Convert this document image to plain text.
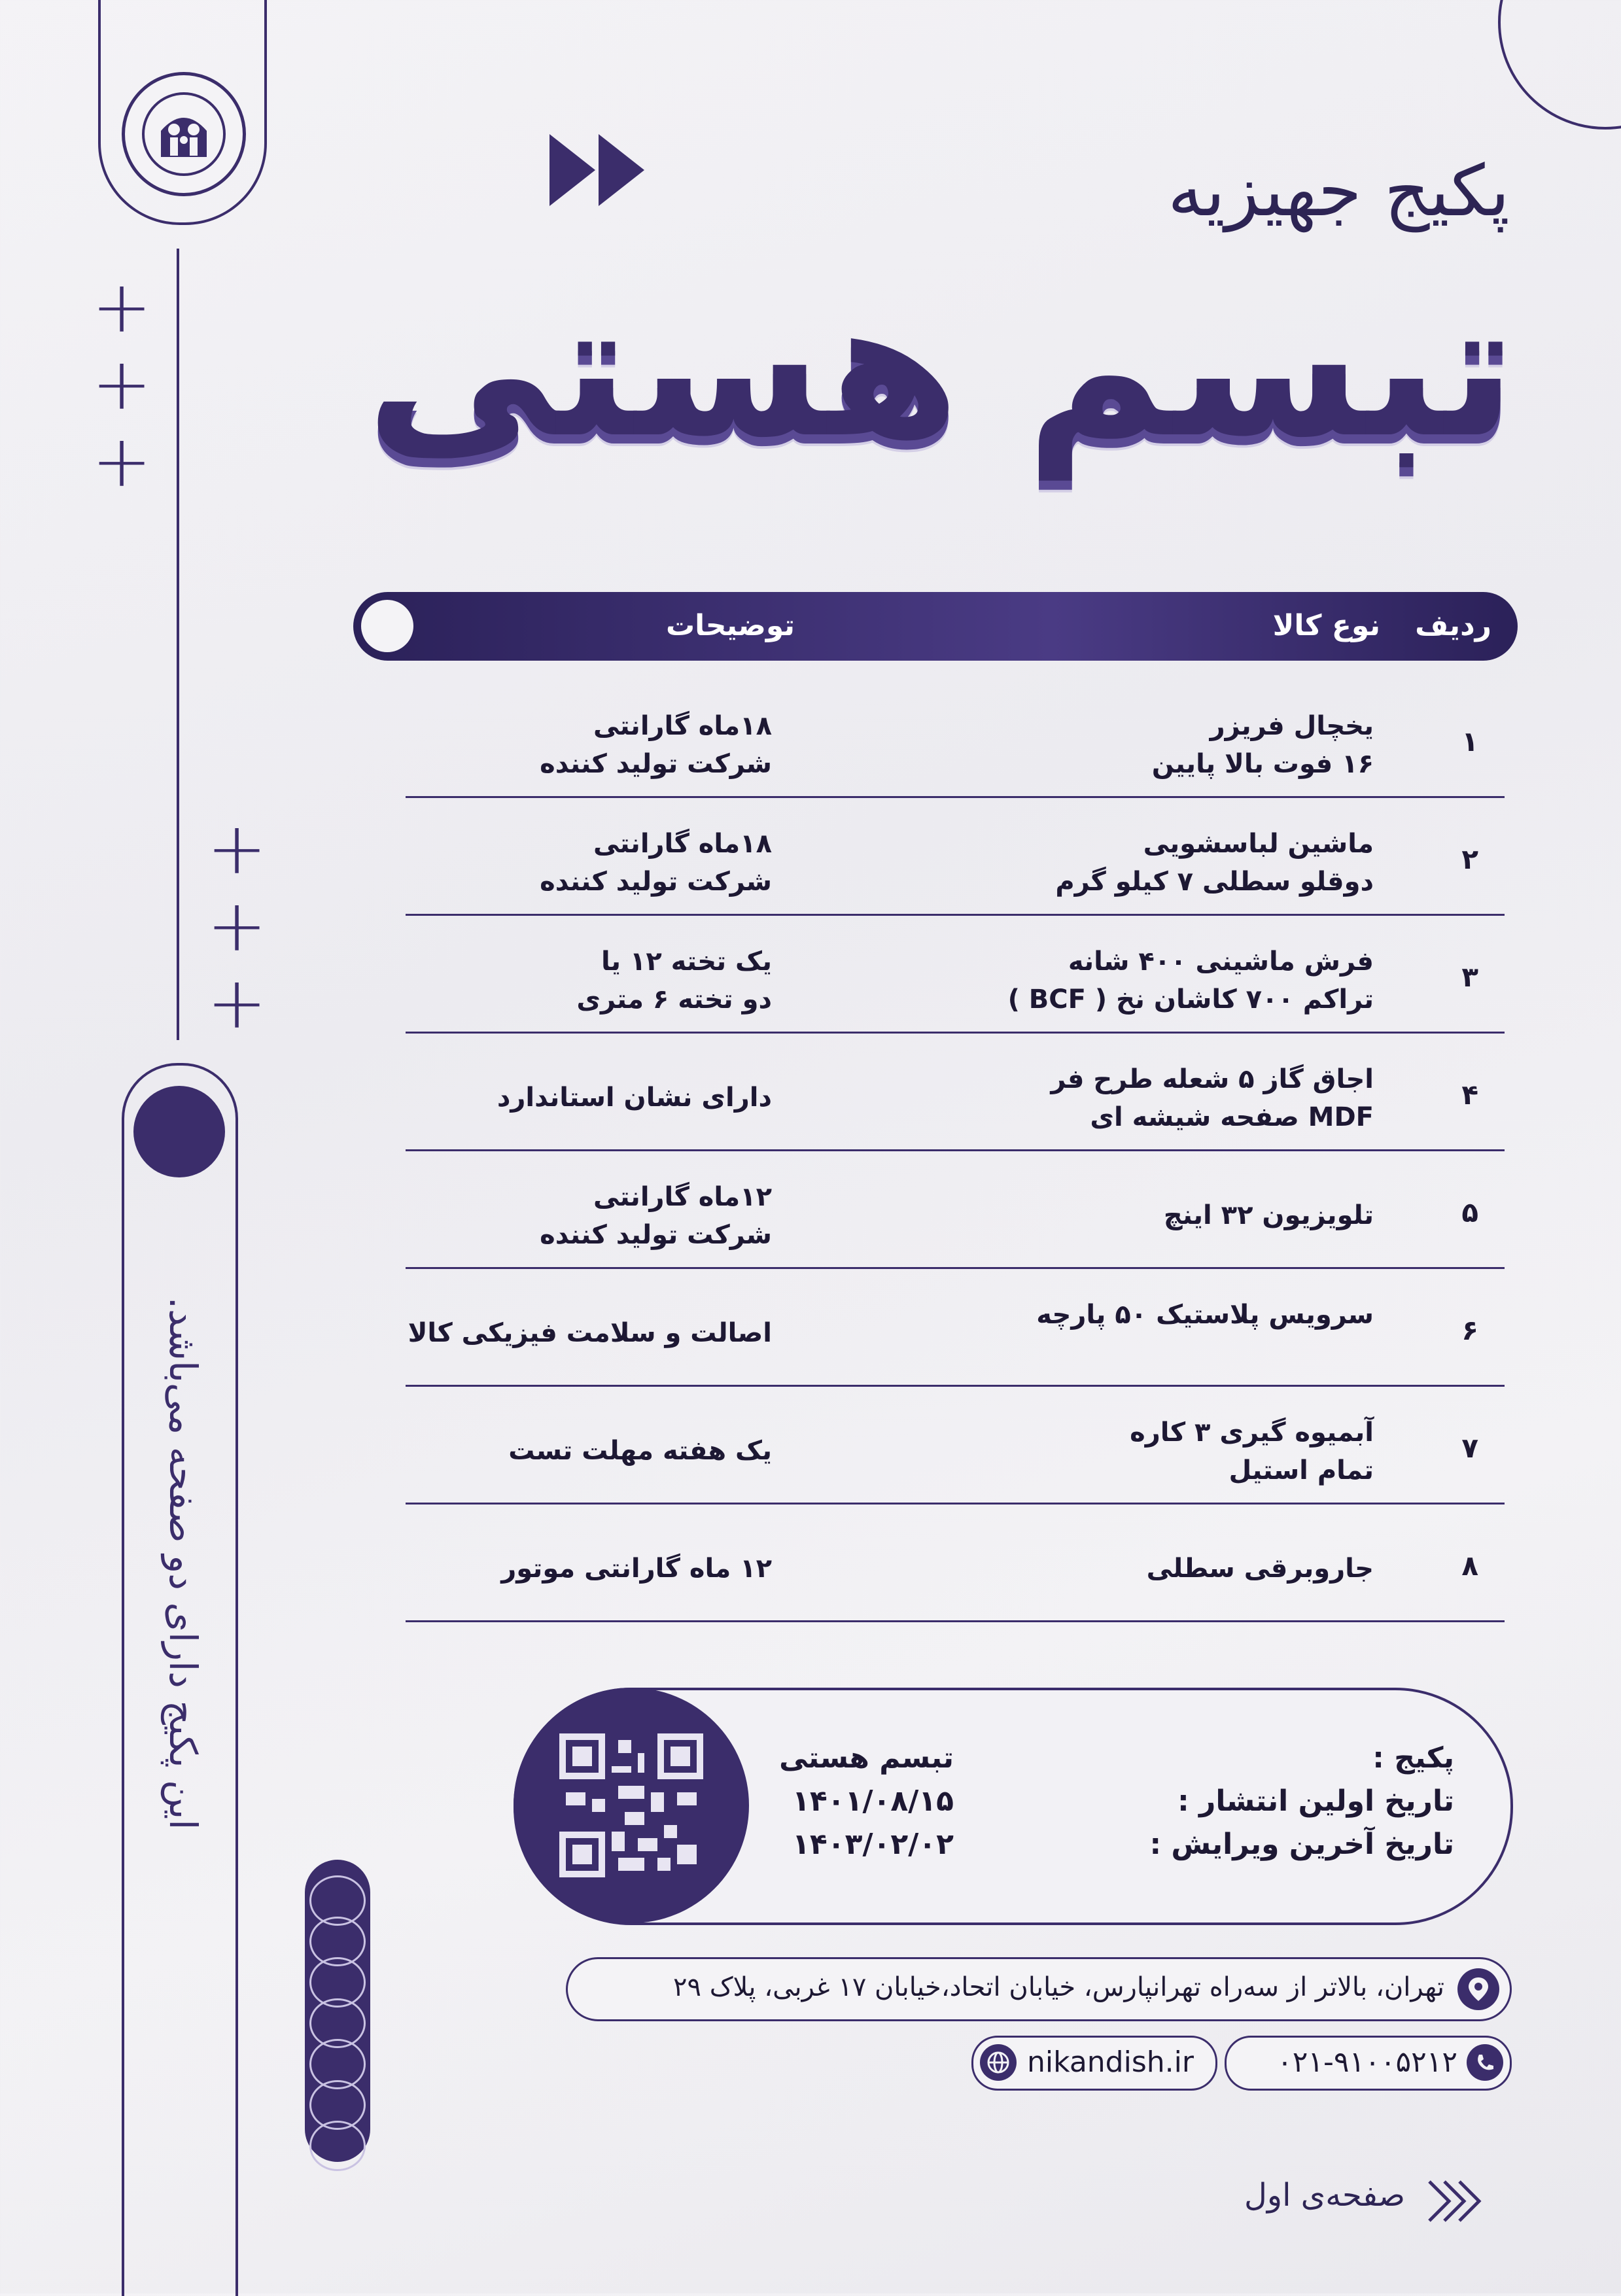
+
+
+
+
+
+
این پکیج دارای دو صفحه می‌باشد.
پکیج جهیزیه
تبسم هستی
ردیف
نوع کالا
توضیحات
۱
یخچال فریزر
۱۶ فوت بالا پایین
۱۸ماه گارانتی
شرکت تولید کننده
۲
ماشین لباسشویی
دوقلو سطلی ۷ کیلو گرم
۱۸ماه گارانتی
شرکت تولید کننده
۳
فرش ماشینی ۴۰۰ شانه
تراکم ۷۰۰ کاشان نخ ( BCF )
یک تخته ۱۲ یا
دو تخته ۶ متری
۴
اجاق گاز ۵ شعله طرح فر
MDF صفحه شیشه ای
دارای نشان استاندارد
۵
تلویزیون ۳۲ اینچ
۱۲ماه گارانتی
شرکت تولید کننده
۶
سرویس پلاستیک ۵۰ پارچه
اصالت و سلامت فیزیکی کالا
۷
آبمیوه گیری ۳ کاره
تمام استیل
یک هفته مهلت تست
۸
جاروبرقی سطلی
۱۲ ماه گارانتی موتور
پکیج :
تاریخ اولین انتشار :
تاریخ آخرین ویرایش :
تبسم هستی
۱۴۰۱/۰۸/۱۵
۱۴۰۳/۰۲/۰۲
تهران، بالاتر از سه‌راه تهرانپارس، خیابان اتحاد،خیابان ۱۷ غربی، پلاک ۲۹
۰۲۱-۹۱۰۰۵۲۱۲
nikandish.ir
صفحه‌ی اول
